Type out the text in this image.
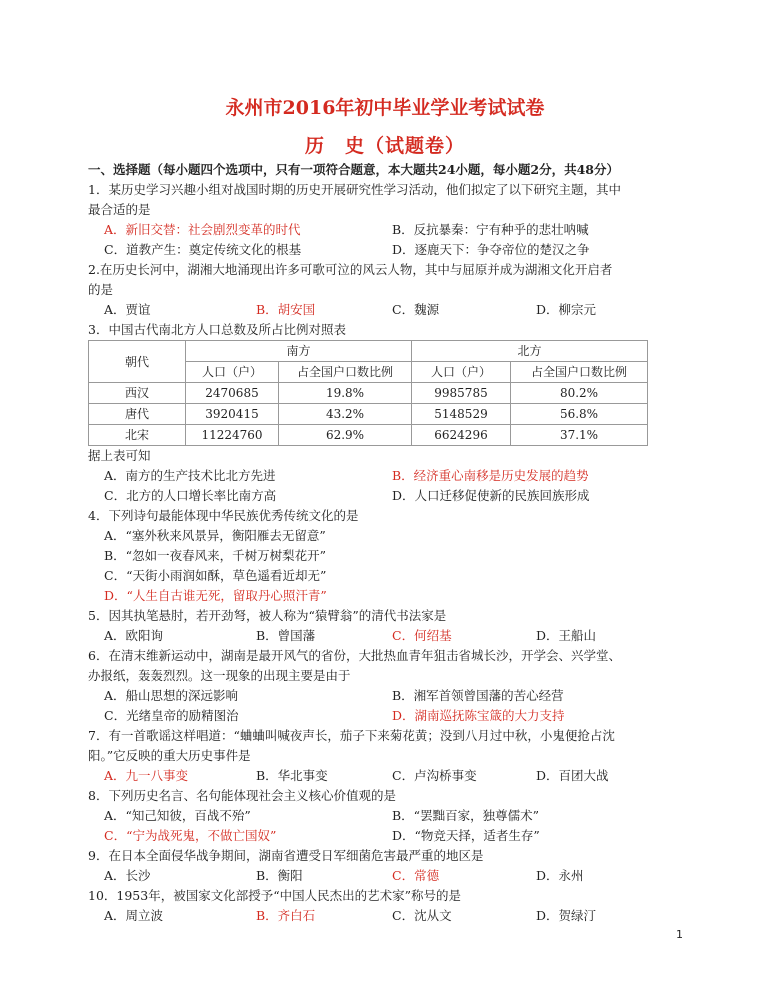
永州市2016年初中毕业学业考试试卷
历　史（试题卷）
一、选择题（每小题四个选项中，只有一项符合题意，本大题共24小题，每小题2分，共48分）
1．某历史学习兴趣小组对战国时期的历史开展研究性学习活动，他们拟定了以下研究主题，其中
最合适的是
A．新旧交替：社会剧烈变革的时代	B．反抗暴秦：宁有种乎的悲壮呐喊
C．道教产生：奠定传统文化的根基	D．逐鹿天下：争夺帝位的楚汉之争
2.在历史长河中，湖湘大地涌现出许多可歌可泣的风云人物，其中与屈原并成为湖湘文化开启者
的是
A．贾谊	B．胡安国	C．魏源	D．柳宗元
3．中国古代南北方人口总数及所占比例对照表
朝代	南方		北方	
	人口（户）	占全国户口数比例	人口（户）	占全国户口数比例
西汉	2470685	19.8%	9985785	80.2%
唐代	3920415	43.2%	5148529	56.8%
北宋	11224760	62.9%	6624296	37.1%
据上表可知
A．南方的生产技术比北方先进	B．经济重心南移是历史发展的趋势
C．北方的人口增长率比南方高	D．人口迁移促使新的民族回族形成
4．下列诗句最能体现中华民族优秀传统文化的是
A．“塞外秋来风景异，衡阳雁去无留意”
B．“忽如一夜春风来，千树万树梨花开”
C．“天街小雨润如酥，草色遥看近却无”
D．“人生自古谁无死，留取丹心照汗青”
5．因其执笔悬肘，若开劲弩，被人称为“猿臂翁”的清代书法家是
A．欧阳询	B．曾国藩	C．何绍基	D．王船山
6．在清末维新运动中，湖南是最开风气的省份，大批热血青年狙击省城长沙，开学会、兴学堂、
办报纸，轰轰烈烈。这一现象的出现主要是由于
A．船山思想的深远影响	B．湘军首领曾国藩的苦心经营
C．光绪皇帝的励精图治	D．湖南巡抚陈宝箴的大力支持
7．有一首歌谣这样唱道：“蛐蛐叫喊夜声长，茄子下来菊花黄；没到八月过中秋，小鬼便抢占沈
阳。”它反映的重大历史事件是
A．九一八事变	B．华北事变	C．卢沟桥事变	D．百团大战
8．下列历史名言、名句能体现社会主义核心价值观的是
A．“知己知彼，百战不殆”	B．“罢黜百家，独尊儒术”
C．“宁为战死鬼，不做亡国奴”	D．“物竞天择，适者生存”
9．在日本全面侵华战争期间，湖南省遭受日军细菌危害最严重的地区是
A．长沙	B．衡阳	C．常德	D．永州
10．1953年，被国家文化部授予“中国人民杰出的艺术家”称号的是
A．周立波	B．齐白石	C．沈从文	D．贺绿汀
1
